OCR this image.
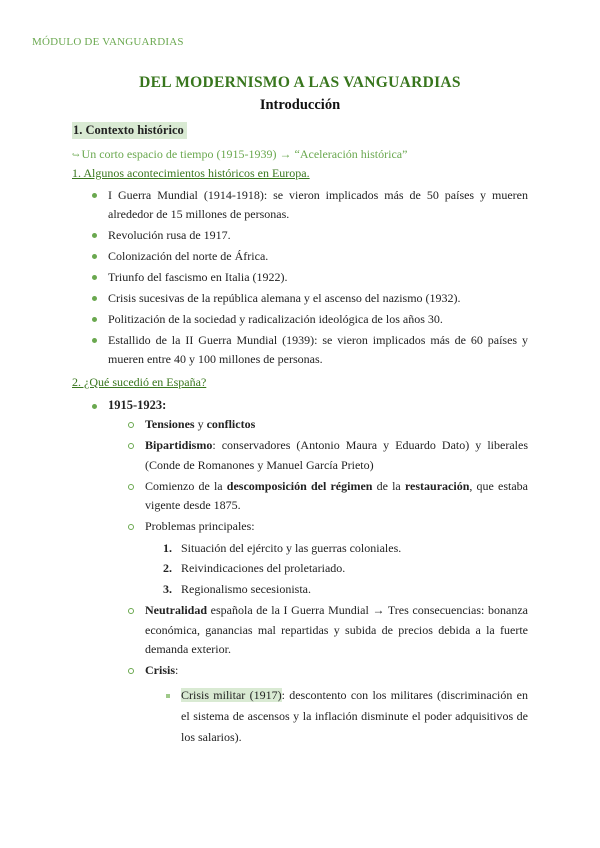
MÓDULO DE VANGUARDIAS
DEL MODERNISMO A LAS VANGUARDIAS
Introducción
1. Contexto histórico
↪ Un corto espacio de tiempo (1915-1939) → “Aceleración histórica”
1. Algunos acontecimientos históricos en Europa.
I Guerra Mundial (1914-1918): se vieron implicados más de 50 países y mueren alrededor de 15 millones de personas.
Revolución rusa de 1917.
Colonización del norte de África.
Triunfo del fascismo en Italia (1922).
Crisis sucesivas de la república alemana y el ascenso del nazismo (1932).
Politización de la sociedad y radicalización ideológica de los años 30.
Estallido de la II Guerra Mundial (1939): se vieron implicados más de 60 países y mueren entre 40 y 100 millones de personas.
2. ¿Qué sucedió en España?
1915-1923:
Tensiones y conflictos
Bipartidismo: conservadores (Antonio Maura y Eduardo Dato) y liberales (Conde de Romanones y Manuel García Prieto)
Comienzo de la descomposición del régimen de la restauración, que estaba vigente desde 1875.
Problemas principales:
1. Situación del ejército y las guerras coloniales.
2. Reivindicaciones del proletariado.
3. Regionalismo secesionista.
Neutralidad española de la I Guerra Mundial → Tres consecuencias: bonanza económica, ganancias mal repartidas y subida de precios debida a la fuerte demanda exterior.
Crisis:
Crisis militar (1917): descontento con los militares (discriminación en el sistema de ascensos y la inflación disminute el poder adquisitivos de los salarios).
